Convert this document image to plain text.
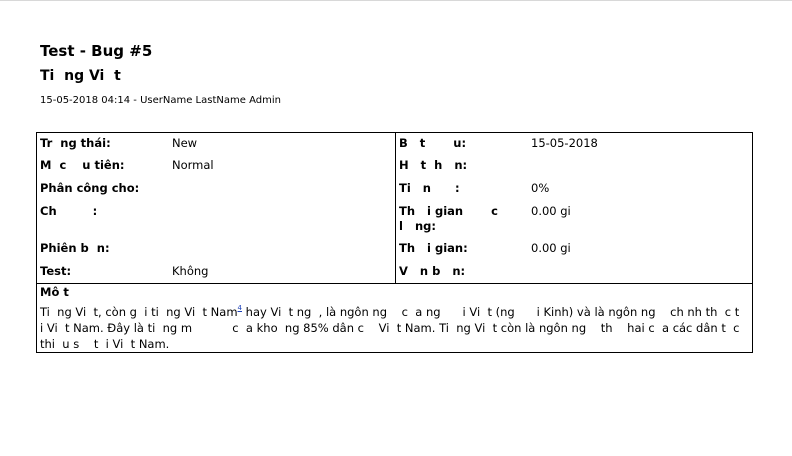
Test - Bug #5
Ti  ng Vi  t
15-05-2018 04:14 - UserName LastName Admin
Tr  ng thái:	New
M  c    u tiên:	Normal
Phân công cho:
Ch         :
Phiên b  n:
Test:	Không
B   t       u:	15-05-2018
H   t  h   n:
Ti   n      :	0%
Th   i gian       c
l   ng:
0.00 gi
Th   i gian:	0.00 gi
V   n b   n:
Mô t
Ti  ng Vi  t, còn g  i ti  ng Vi  t Nam$^4$ hay Vi  t ng  , là ngôn ng    c  a ng      i Vi  t (ng      i Kinh) và là ngôn ng    ch nh th  c t  i Vi  t Nam. Đây là ti  ng m           c  a kho  ng 85% dân c    Vi  t Nam. Ti  ng Vi  t còn là ngôn ng    th    hai c  a các dân t  c thi  u s    t  i Vi  t Nam.
